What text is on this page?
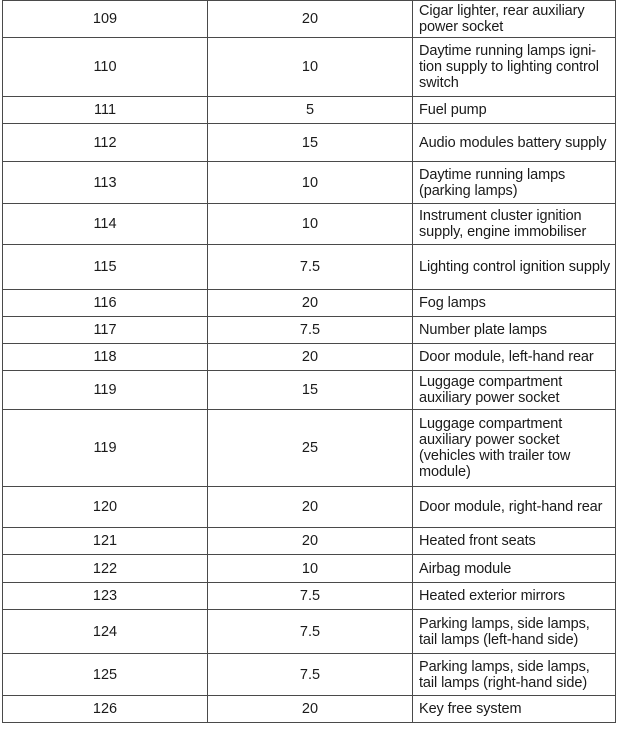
109	20	Cigar lighter, rear auxiliary power socket
110	10	Daytime running lamps igni-tion supply to lighting control switch
111	5	Fuel pump
112	15	Audio modules battery supply
113	10	Daytime running lamps (parking lamps)
114	10	Instrument cluster ignition supply, engine immobiliser
115	7.5	Lighting control ignition supply
116	20	Fog lamps
117	7.5	Number plate lamps
118	20	Door module, left-hand rear
119	15	Luggage compartment auxiliary power socket
119	25	Luggage compartment auxiliary power socket (vehicles with trailer tow module)
120	20	Door module, right-hand rear
121	20	Heated front seats
122	10	Airbag module
123	7.5	Heated exterior mirrors
124	7.5	Parking lamps, side lamps, tail lamps (left-hand side)
125	7.5	Parking lamps, side lamps, tail lamps (right-hand side)
126	20	Key free system
